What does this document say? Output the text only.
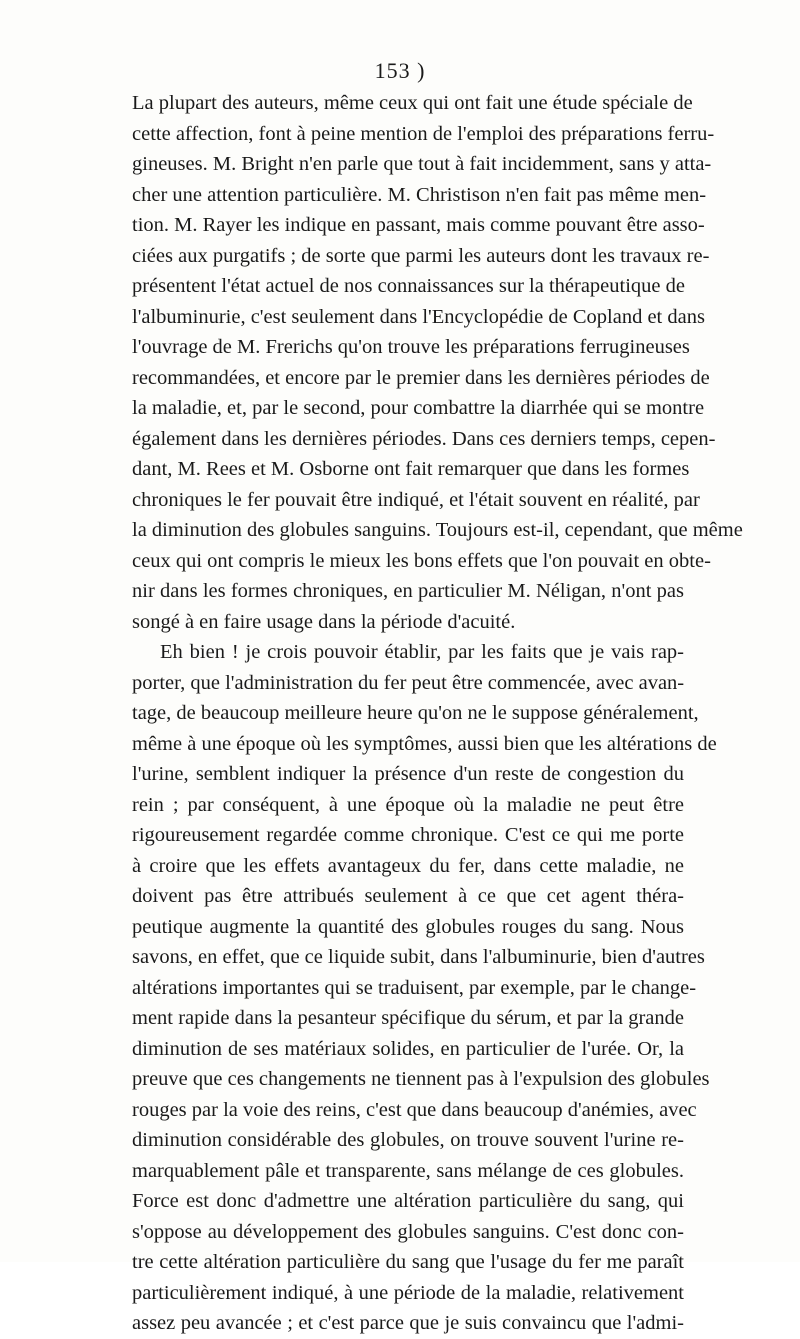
153 )
La plupart des auteurs, même ceux qui ont fait une étude spéciale de
cette affection, font à peine mention de l'emploi des préparations ferru-
gineuses. M. Bright n'en parle que tout à fait incidemment, sans y atta-
cher une attention particulière. M. Christison n'en fait pas même men-
tion. M. Rayer les indique en passant, mais comme pouvant être asso-
ciées aux purgatifs ; de sorte que parmi les auteurs dont les travaux re-
présentent l'état actuel de nos connaissances sur la thérapeutique de
l'albuminurie, c'est seulement dans l'Encyclopédie de Copland et dans
l'ouvrage de M. Frerichs qu'on trouve les préparations ferrugineuses
recommandées, et encore par le premier dans les dernières périodes de
la maladie, et, par le second, pour combattre la diarrhée qui se montre
également dans les dernières périodes. Dans ces derniers temps, cepen-
dant, M. Rees et M. Osborne ont fait remarquer que dans les formes
chroniques le fer pouvait être indiqué, et l'était souvent en réalité, par
la diminution des globules sanguins. Toujours est-il, cependant, que même
ceux qui ont compris le mieux les bons effets que l'on pouvait en obte-
nir dans les formes chroniques, en particulier M. Néligan, n'ont pas
songé à en faire usage dans la période d'acuité.
Eh bien ! je crois pouvoir établir, par les faits que je vais rap-
porter, que l'administration du fer peut être commencée, avec avan-
tage, de beaucoup meilleure heure qu'on ne le suppose généralement,
même à une époque où les symptômes, aussi bien que les altérations de
l'urine, semblent indiquer la présence d'un reste de congestion du
rein ; par conséquent, à une époque où la maladie ne peut être
rigoureusement regardée comme chronique. C'est ce qui me porte
à croire que les effets avantageux du fer, dans cette maladie, ne
doivent pas être attribués seulement à ce que cet agent théra-
peutique augmente la quantité des globules rouges du sang. Nous
savons, en effet, que ce liquide subit, dans l'albuminurie, bien d'autres
altérations importantes qui se traduisent, par exemple, par le change-
ment rapide dans la pesanteur spécifique du sérum, et par la grande
diminution de ses matériaux solides, en particulier de l'urée. Or, la
preuve que ces changements ne tiennent pas à l'expulsion des globules
rouges par la voie des reins, c'est que dans beaucoup d'anémies, avec
diminution considérable des globules, on trouve souvent l'urine re-
marquablement pâle et transparente, sans mélange de ces globules.
Force est donc d'admettre une altération particulière du sang, qui
s'oppose au développement des globules sanguins. C'est donc con-
tre cette altération particulière du sang que l'usage du fer me paraît
particulièrement indiqué, à une période de la maladie, relativement
assez peu avancée ; et c'est parce que je suis convaincu que l'admi-
